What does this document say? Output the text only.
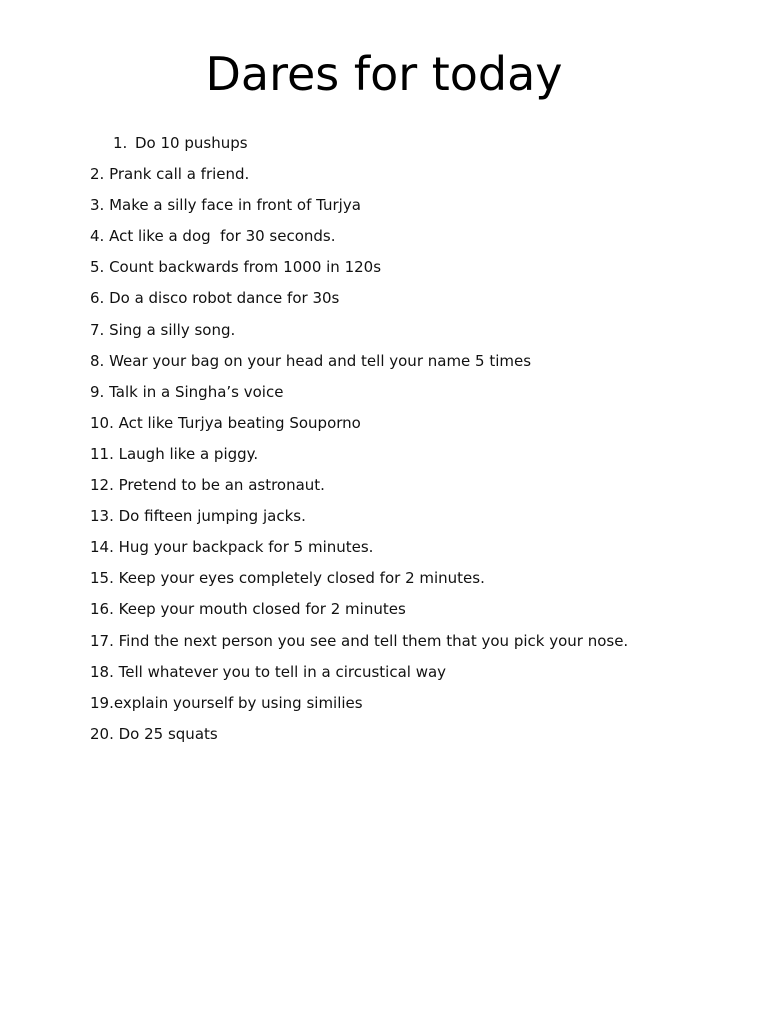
Dares for today
1. Do 10 pushups
2. Prank call a friend.
3. Make a silly face in front of Turjya
4. Act like a dog  for 30 seconds.
5. Count backwards from 1000 in 120s
6. Do a disco robot dance for 30s
7. Sing a silly song.
8. Wear your bag on your head and tell your name 5 times
9. Talk in a Singha’s voice
10. Act like Turjya beating Souporno
11. Laugh like a piggy.
12. Pretend to be an astronaut.
13. Do fifteen jumping jacks.
14. Hug your backpack for 5 minutes.
15. Keep your eyes completely closed for 2 minutes.
16. Keep your mouth closed for 2 minutes
17. Find the next person you see and tell them that you pick your nose.
18. Tell whatever you to tell in a circustical way
19.explain yourself by using similies
20. Do 25 squats
